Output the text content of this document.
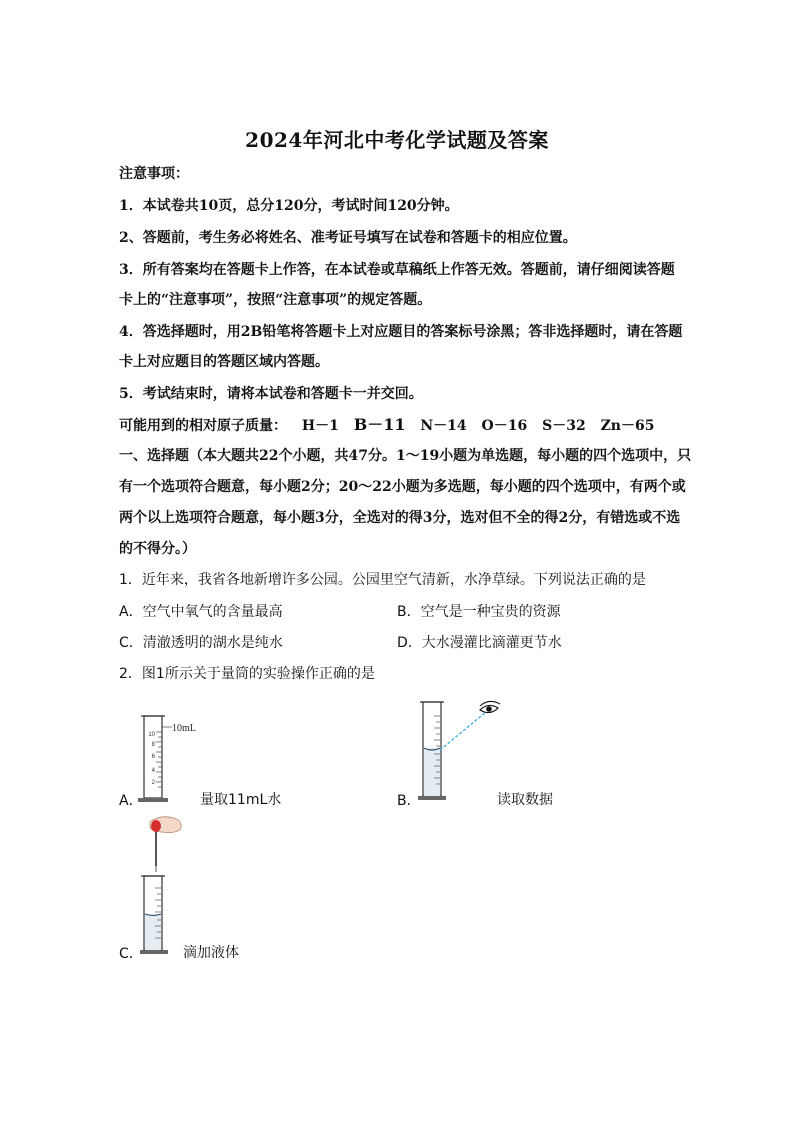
2024年河北中考化学试题及答案
注意事项：
1．本试卷共10页，总分120分，考试时间120分钟。
2、答题前，考生务必将姓名、准考证号填写在试卷和答题卡的相应位置。
3．所有答案均在答题卡上作答，在本试卷或草稿纸上作答无效。答题前，请仔细阅读答题
卡上的“注意事项”，按照“注意事项”的规定答题。
4．答选择题时，用2B铅笔将答题卡上对应题目的答案标号涂黑；答非选择题时，请在答题
卡上对应题目的答题区域内答题。
5．考试结束时，请将本试卷和答题卡一并交回。
可能用到的相对原子质量： H－1 B－11 N－14 O－16 S－32 Zn－65
一、选择题（本大题共22个小题，共47分。1～19小题为单选题，每小题的四个选项中，只
有一个选项符合题意，每小题2分；20～22小题为多选题，每小题的四个选项中，有两个或
两个以上选项符合题意，每小题3分，全选对的得3分，选对但不全的得2分，有错选或不选
的不得分。）
1．近年来，我省各地新增许多公园。公园里空气清新，水净草绿。下列说法正确的是
A．空气中氧气的含量最高	B．空气是一种宝贵的资源
C．清澈透明的湖水是纯水	D．大水漫灌比滴灌更节水
2．图1所示关于量筒的实验操作正确的是
10mL
10
8
6
4
2
A．	量取11mL水	B．	读取数据
C．	滴加液体
